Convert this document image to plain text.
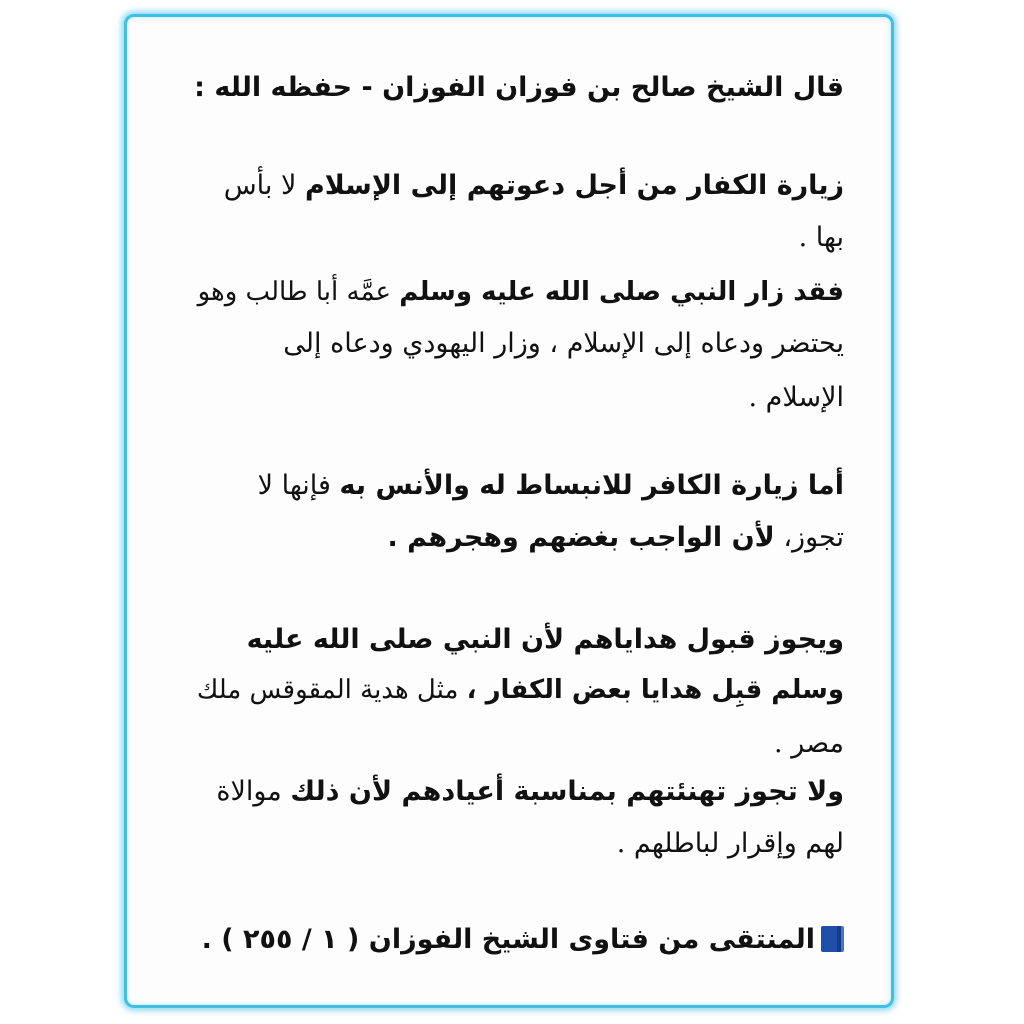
قال الشيخ صالح بن فوزان الفوزان - حفظه الله :
زيارة الكفار من أجل دعوتهم إلى الإسلام لا بأس
بها .
فقد زار النبي صلى الله عليه وسلم عمَّه أبا طالب وهو
يحتضر ودعاه إلى الإسلام ، وزار اليهودي ودعاه إلى
الإسلام .
أما زيارة الكافر للانبساط له والأنس به فإنها لا
تجوز، لأن الواجب بغضهم وهجرهم .
ويجوز قبول هداياهم لأن النبي صلى الله عليه
وسلم قبِل هدايا بعض الكفار ، مثل هدية المقوقس ملك
مصر .
ولا تجوز تهنئتهم بمناسبة أعيادهم لأن ذلك موالاة
لهم وإقرار لباطلهم .
المنتقى من فتاوى الشيخ الفوزان ( ١ / ٢٥٥ ) .
